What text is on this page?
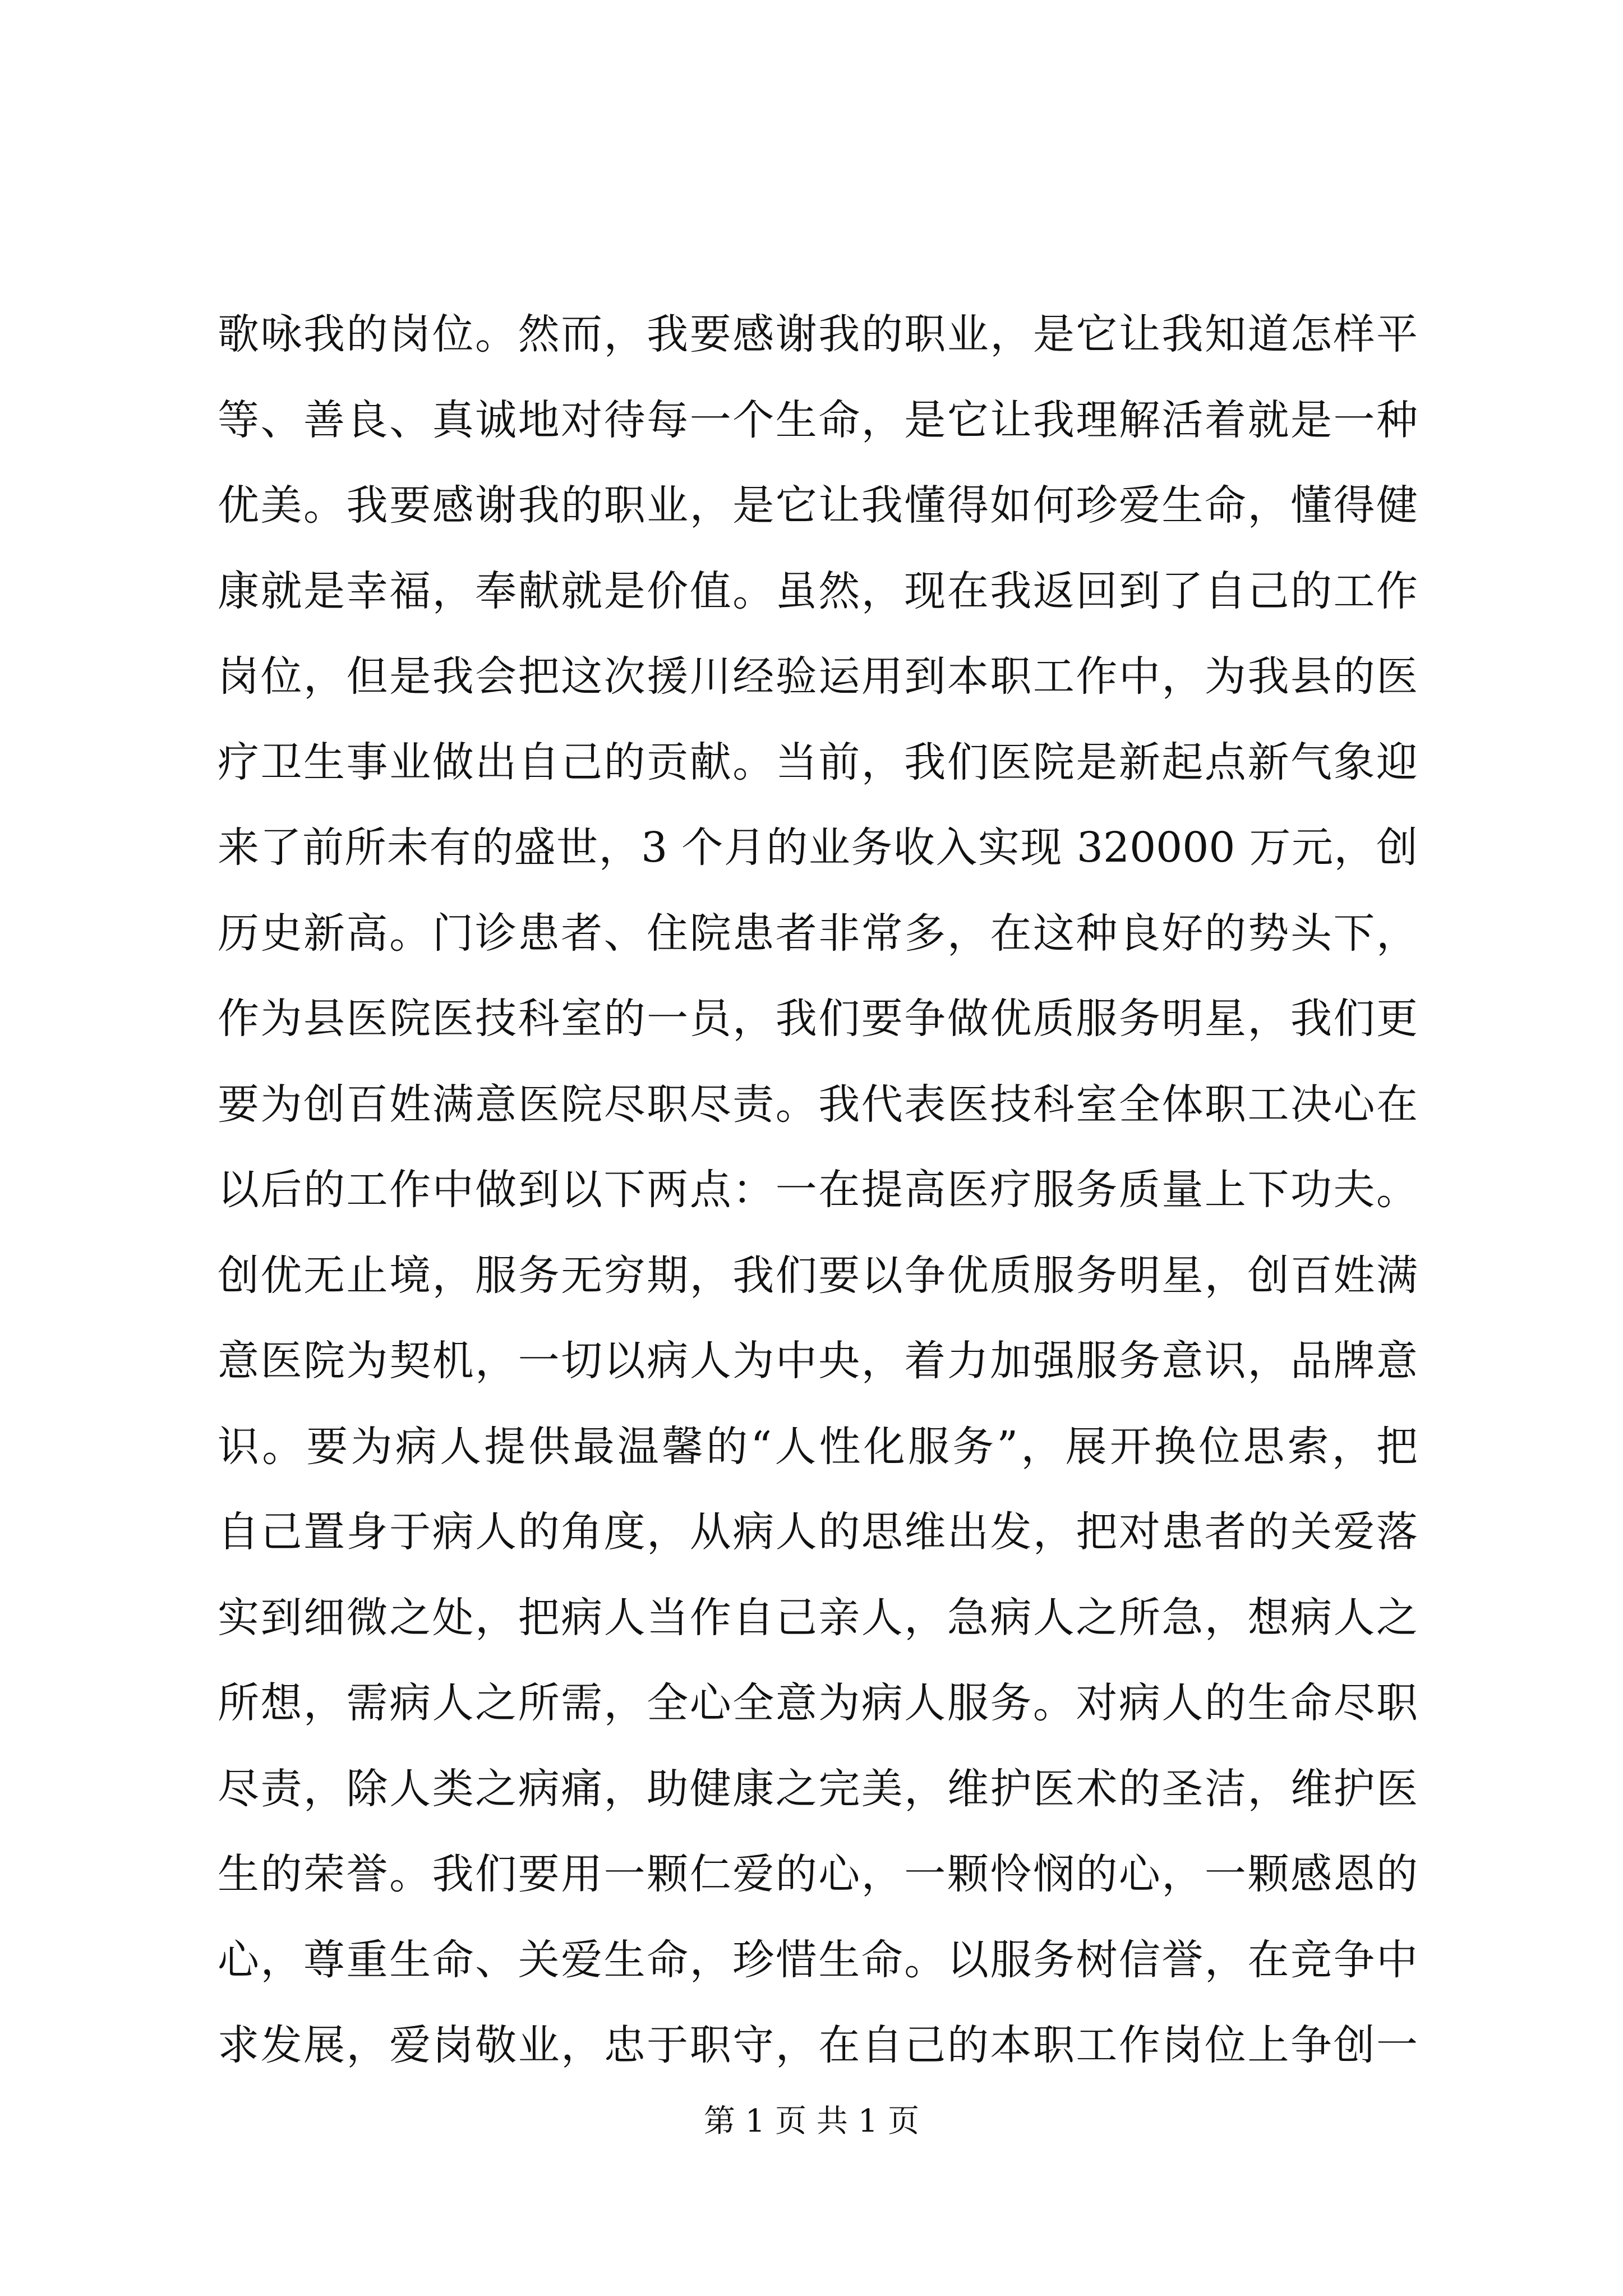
歌咏我的岗位。然而，我要感谢我的职业，是它让我知道怎样平
等、善良、真诚地对待每一个生命，是它让我理解活着就是一种
优美。我要感谢我的职业，是它让我懂得如何珍爱生命，懂得健
康就是幸福，奉献就是价值。虽然，现在我返回到了自己的工作
岗位，但是我会把这次援川经验运用到本职工作中，为我县的医
疗卫生事业做出自己的贡献。当前，我们医院是新起点新气象迎
来了前所未有的盛世，3 个月的业务收入实现 320000 万元，创
历史新高。门诊患者、住院患者非常多，在这种良好的势头下，
作为县医院医技科室的一员，我们要争做优质服务明星，我们更
要为创百姓满意医院尽职尽责。我代表医技科室全体职工决心在
以后的工作中做到以下两点：一在提高医疗服务质量上下功夫。
创优无止境，服务无穷期，我们要以争优质服务明星，创百姓满
意医院为契机，一切以病人为中央，着力加强服务意识，品牌意
识。要为病人提供最温馨的“人性化服务”，展开换位思索，把
自己置身于病人的角度，从病人的思维出发，把对患者的关爱落
实到细微之处，把病人当作自己亲人，急病人之所急，想病人之
所想，需病人之所需，全心全意为病人服务。对病人的生命尽职
尽责，除人类之病痛，助健康之完美，维护医术的圣洁，维护医
生的荣誉。我们要用一颗仁爱的心，一颗怜悯的心，一颗感恩的
心，尊重生命、关爱生命，珍惜生命。以服务树信誉，在竞争中
求发展，爱岗敬业，忠于职守，在自己的本职工作岗位上争创一
第 1 页 共 1 页
